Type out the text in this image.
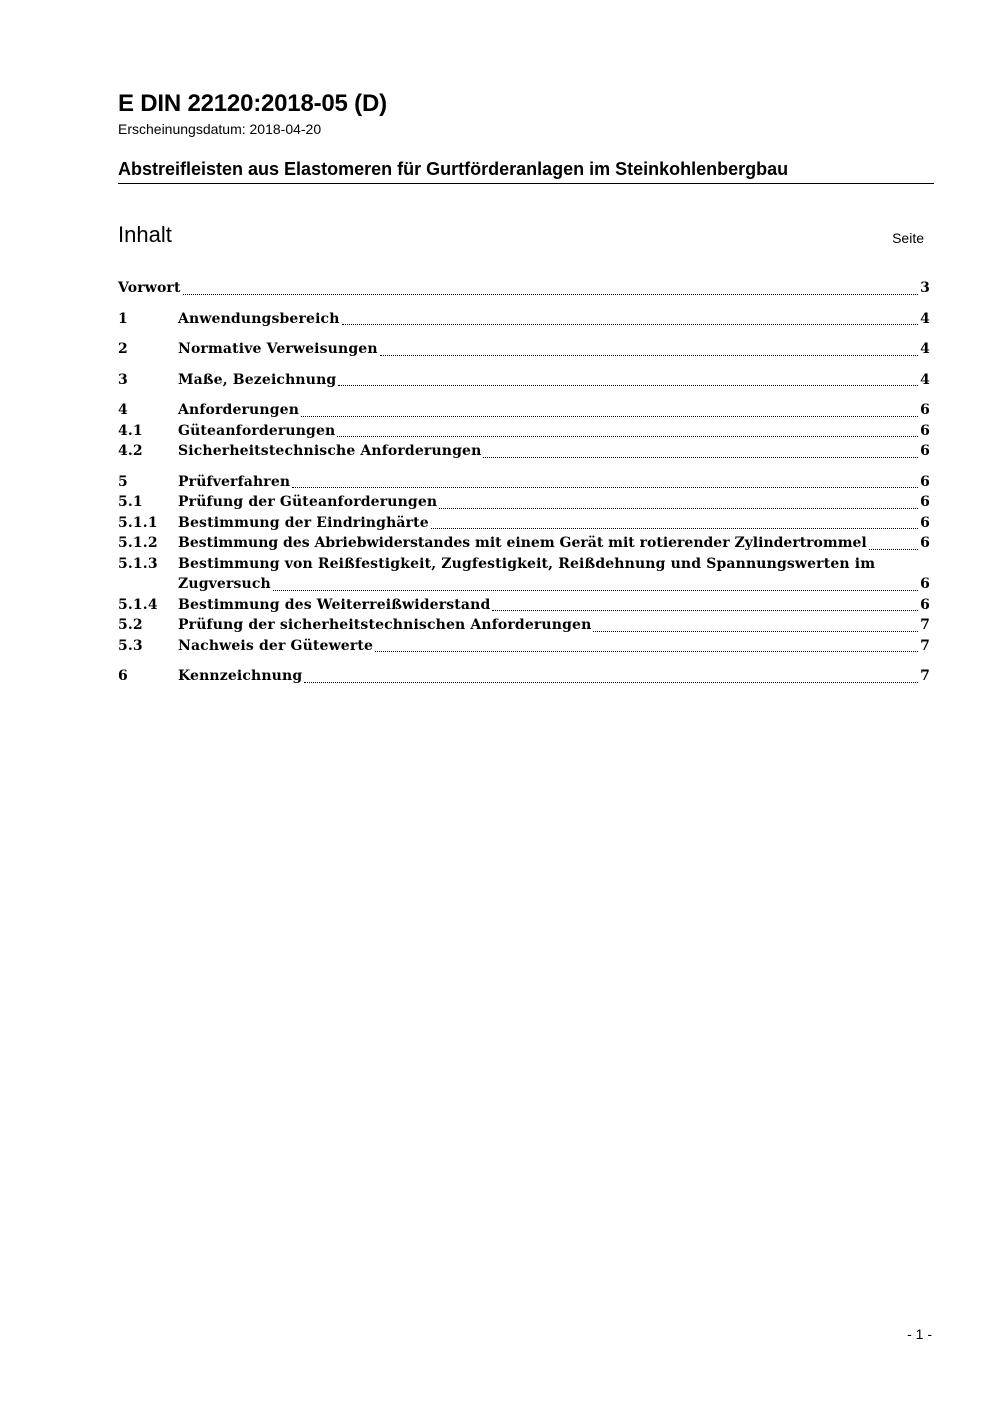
E DIN 22120:2018-05 (D)
Erscheinungsdatum: 2018-04-20
Abstreifleisten aus Elastomeren für Gurtförderanlagen im Steinkohlenbergbau
Inhalt	Seite
Vorwort	3
1	Anwendungsbereich	4
2	Normative Verweisungen	4
3	Maße, Bezeichnung	4
4	Anforderungen	6
4.1	Güteanforderungen	6
4.2	Sicherheitstechnische Anforderungen	6
5	Prüfverfahren	6
5.1	Prüfung der Güteanforderungen	6
5.1.1	Bestimmung der Eindringhärte	6
5.1.2	Bestimmung des Abriebwiderstandes mit einem Gerät mit rotierender Zylindertrommel	6
5.1.3	Bestimmung von Reißfestigkeit, Zugfestigkeit, Reißdehnung und Spannungswerten im
Zugversuch	6
5.1.4	Bestimmung des Weiterreißwiderstand	6
5.2	Prüfung der sicherheitstechnischen Anforderungen	7
5.3	Nachweis der Gütewerte	7
6	Kennzeichnung	7
- 1 -
